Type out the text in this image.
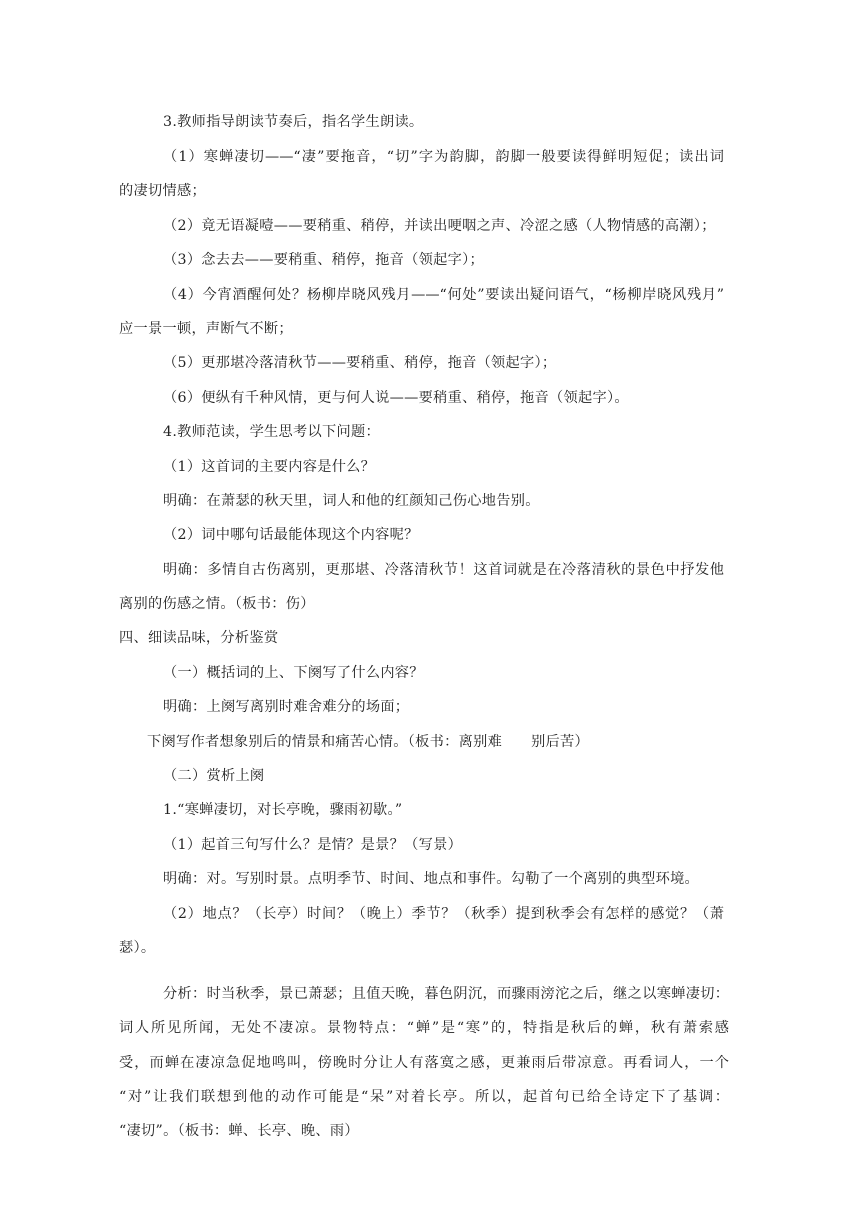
3.教师指导朗读节奏后，指名学生朗读。
（1）寒蝉凄切——“凄”要拖音，“切”字为韵脚，韵脚一般要读得鲜明短促；读出词
的凄切情感；
（2）竟无语凝噎——要稍重、稍停，并读出哽咽之声、冷涩之感（人物情感的高潮）；
（3）念去去——要稍重、稍停，拖音（领起字）；
（4）今宵酒醒何处？杨柳岸晓风残月——“何处”要读出疑问语气，“杨柳岸晓风残月”
应一景一顿，声断气不断；
（5）更那堪冷落清秋节——要稍重、稍停，拖音（领起字）；
（6）便纵有千种风情，更与何人说——要稍重、稍停，拖音（领起字）。
4.教师范读，学生思考以下问题：
（1）这首词的主要内容是什么？
明确：在萧瑟的秋天里，词人和他的红颜知己伤心地告别。
（2）词中哪句话最能体现这个内容呢？
明确：多情自古伤离别，更那堪、冷落清秋节！这首词就是在冷落清秋的景色中抒发他
离别的伤感之情。（板书：伤）
四、细读品味，分析鉴赏
（一）概括词的上、下阕写了什么内容？
明确：上阕写离别时难舍难分的场面；
下阕写作者想象别后的情景和痛苦心情。（板书：离别难　　别后苦）
（二）赏析上阕
1.“寒蝉凄切，对长亭晚，骤雨初歇。”
（1）起首三句写什么？是情？是景？（写景）
明确：对。写别时景。点明季节、时间、地点和事件。勾勒了一个离别的典型环境。
（2）地点？（长亭）时间？（晚上）季节？（秋季）提到秋季会有怎样的感觉？（萧
瑟）。
分析：时当秋季，景已萧瑟；且值天晚，暮色阴沉，而骤雨滂沱之后，继之以寒蝉凄切：
词人所见所闻，无处不凄凉。景物特点：“蝉”是“寒”的，特指是秋后的蝉，秋有萧索感
受，而蝉在凄凉急促地鸣叫，傍晚时分让人有落寞之感，更兼雨后带凉意。再看词人，一个
“对”让我们联想到他的动作可能是“呆”对着长亭。所以，起首句已给全诗定下了基调：
“凄切”。（板书：蝉、长亭、晚、雨）
